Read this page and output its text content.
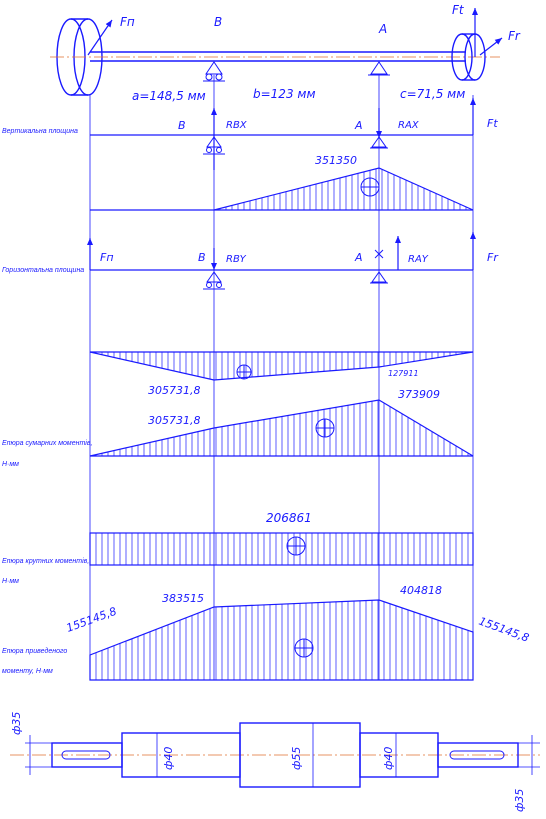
Fп
Ft
Fr
B	A
a=148,5 мм	b=123 мм	c=71,5 мм
Вертикальна площина	B	RBX	A	RAX	Ft
351350
Горизонтальна площина
Fп	B RBY	A	RAY	Fr
305731,8
127911
Епюра сумарних моментів,
Н·мм
305731,8
373909
Епюра крутних моментів,
Н·мм
206861
Епюра приведеного
моменту, Н·мм
155145,8
383515
404818
155145,8
ф35
ф40	ф55	ф40
ф35
